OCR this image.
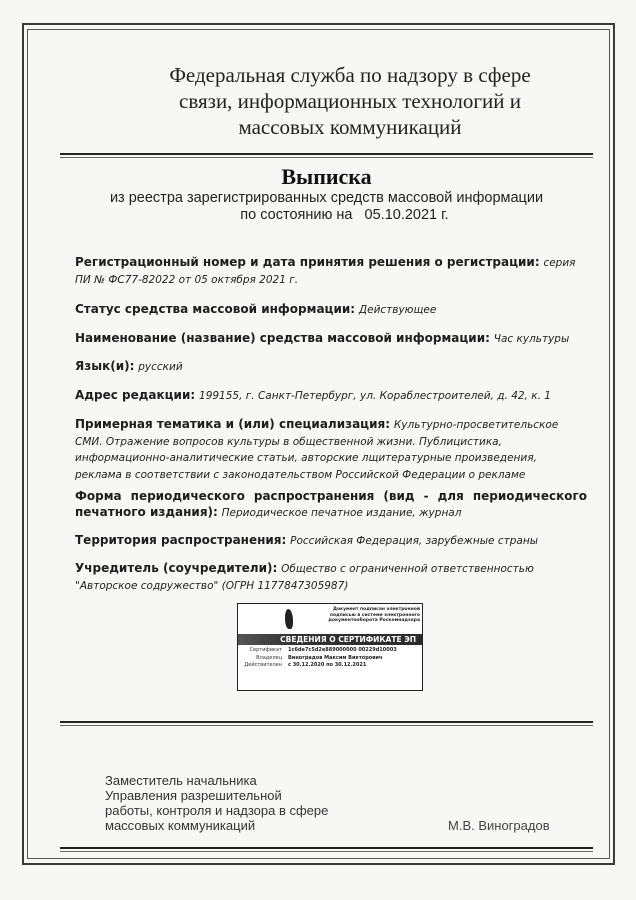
Федеральная служба по надзору в сфере
связи, информационных технологий и
массовых коммуникаций
Выписка
из реестра зарегистрированных средств массовой информации
по состоянию на 05.10.2021 г.
Регистрационный номер и дата принятия решения о регистрации: серия ПИ № ФС77-82022 от 05 октября 2021 г.
Статус средства массовой информации: Действующее
Наименование (название) средства массовой информации: Час культуры
Язык(и): русский
Адрес редакции: 199155, г. Санкт-Петербург, ул. Кораблестроителей, д. 42, к. 1
Примерная тематика и (или) специализация: Культурно-просветительское СМИ. Отражение вопросов культуры в общественной жизни. Публицистика, информационно-аналитические статьи, авторские лщитературные произведения, реклама в соответствии с законодательством Российской Федерации о рекламе
Форма периодического распространения (вид - для периодического печатного издания): Периодическое печатное издание, журнал
Территория распространения: Российская Федерация, зарубежные страны
Учредитель (соучредители): Общество с ограниченной ответственностью "Авторское содружество" (ОГРН 1177847305987)
Документ подписан электронной подписью в системе электронного документооборота Роскомнадзора
СВЕДЕНИЯ О СЕРТИФИКАТЕ ЭП
Сертификат	1c6de7c5d2e889000000 00229d10003
Владелец	Виноградов Максим Викторович
Действителен	с 30.12.2020 по 30.12.2021
Заместитель начальника
Управления разрешительной
работы, контроля и надзора в сфере
массовых коммуникаций	М.В. Виноградов
